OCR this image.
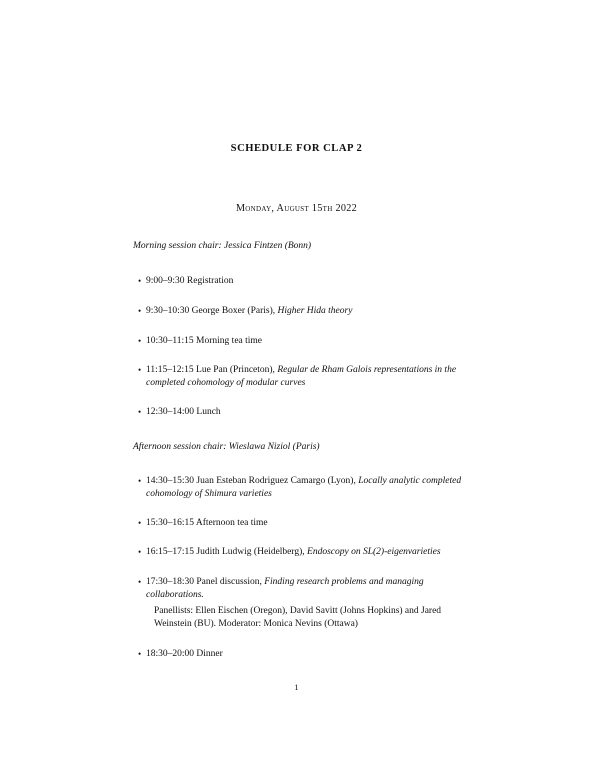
SCHEDULE FOR CLAP 2
Monday, August 15th 2022
Morning session chair: Jessica Fintzen (Bonn)
• 9:00–9:30 Registration
• 9:30–10:30 George Boxer (Paris), Higher Hida theory
• 10:30–11:15 Morning tea time
• 11:15–12:15 Lue Pan (Princeton), Regular de Rham Galois representations in the completed cohomology of modular curves
• 12:30–14:00 Lunch
Afternoon session chair: Wieslawa Niziol (Paris)
• 14:30–15:30 Juan Esteban Rodriguez Camargo (Lyon), Locally analytic completed cohomology of Shimura varieties
• 15:30–16:15 Afternoon tea time
• 16:15–17:15 Judith Ludwig (Heidelberg), Endoscopy on SL(2)-eigenvarieties
• 17:30–18:30 Panel discussion, Finding research problems and managing collaborations.
Panellists: Ellen Eischen (Oregon), David Savitt (Johns Hopkins) and Jared Weinstein (BU). Moderator: Monica Nevins (Ottawa)
• 18:30–20:00 Dinner
1
